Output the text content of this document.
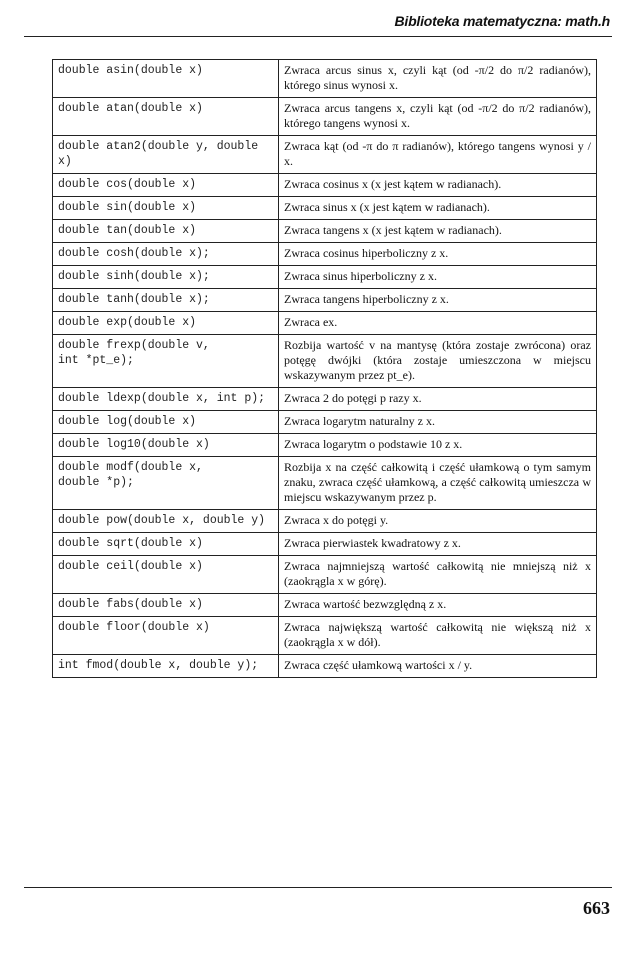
Biblioteka matematyczna: math.h
double asin(double x)	Zwraca arcus sinus x, czyli kąt (od -π/2 do π/2 radianów), którego sinus wynosi x.
double atan(double x)	Zwraca arcus tangens x, czyli kąt (od -π/2 do π/2 radianów), którego tangens wynosi x.
double atan2(double y, double x)	Zwraca kąt (od -π do π radianów), którego tangens wynosi y / x.
double cos(double x)	Zwraca cosinus x (x jest kątem w radianach).
double sin(double x)	Zwraca sinus x (x jest kątem w radianach).
double tan(double x)	Zwraca tangens x (x jest kątem w radianach).
double cosh(double x);	Zwraca cosinus hiperboliczny z x.
double sinh(double x);	Zwraca sinus hiperboliczny z x.
double tanh(double x);	Zwraca tangens hiperboliczny z x.
double exp(double x)	Zwraca ex.
double frexp(double v,
int *pt_e);	Rozbija wartość v na mantysę (która zostaje zwrócona) oraz potęgę dwójki (która zostaje umieszczona w miejscu wskazywanym przez pt_e).
double ldexp(double x, int p);	Zwraca 2 do potęgi p razy x.
double log(double x)	Zwraca logarytm naturalny z x.
double log10(double x)	Zwraca logarytm o podstawie 10 z x.
double modf(double x,
double *p);	Rozbija x na część całkowitą i część ułamkową o tym samym znaku, zwraca część ułamkową, a część całkowitą umieszcza w miejscu wskazywanym przez p.
double pow(double x, double y)	Zwraca x do potęgi y.
double sqrt(double x)	Zwraca pierwiastek kwadratowy z x.
double ceil(double x)	Zwraca najmniejszą wartość całkowitą nie mniejszą niż x (zaokrągla x w górę).
double fabs(double x)	Zwraca wartość bezwzględną z x.
double floor(double x)	Zwraca największą wartość całkowitą nie większą niż x (zaokrągla x w dół).
int fmod(double x, double y);	Zwraca część ułamkową wartości x / y.
663
